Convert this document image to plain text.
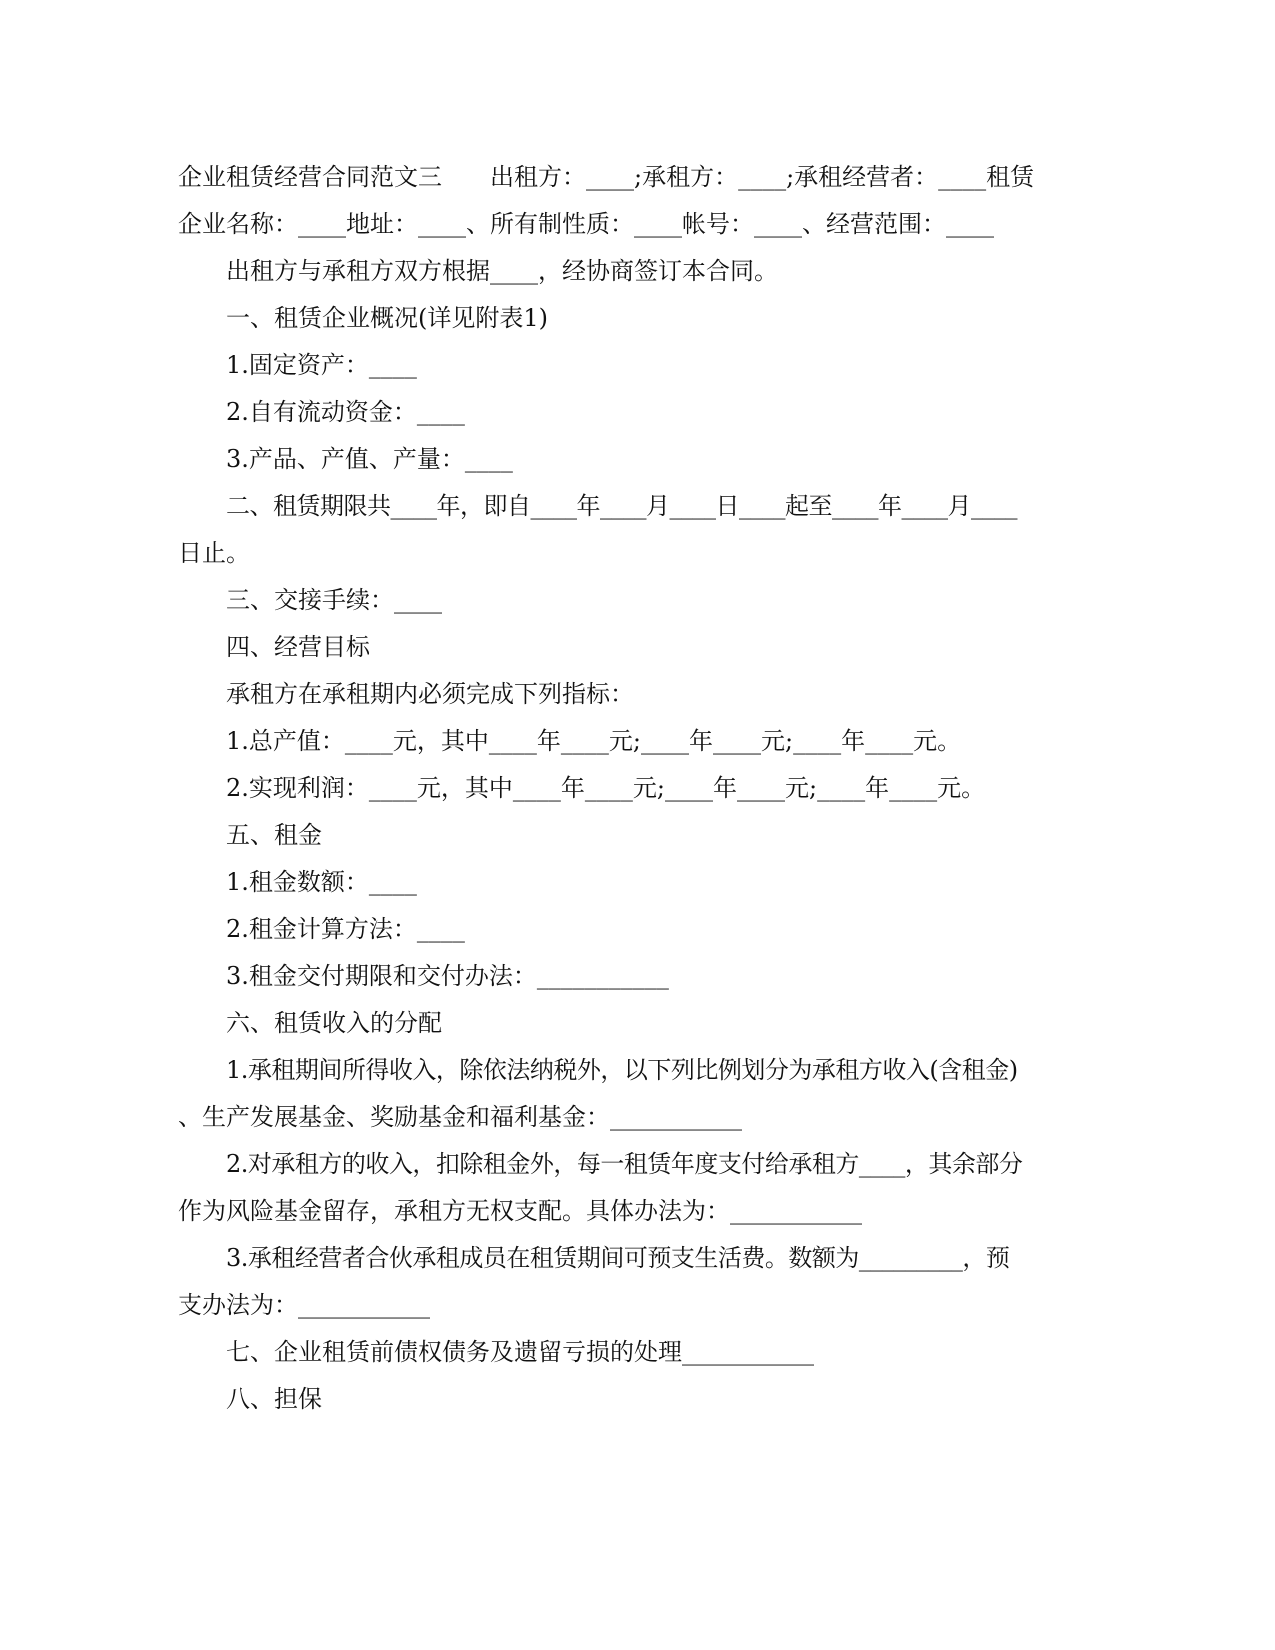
企业租赁经营合同范文三　　出租方：____;承租方：____;承租经营者：____租赁
企业名称：____地址：____、所有制性质：____帐号：____、经营范围：____
出租方与承租方双方根据____，经协商签订本合同。
一、租赁企业概况(详见附表1)
1.固定资产：____
2.自有流动资金：____
3.产品、产值、产量：____
二、租赁期限共____年，即自____年____月____日____起至____年____月____
日止。
三、交接手续：____
四、经营目标
承租方在承租期内必须完成下列指标：
1.总产值：____元，其中____年____元;____年____元;____年____元。
2.实现利润：____元，其中____年____元;____年____元;____年____元。
五、租金
1.租金数额：____
2.租金计算方法：____
3.租金交付期限和交付办法：___________
六、租赁收入的分配
1.承租期间所得收入，除依法纳税外，以下列比例划分为承租方收入(含租金)
、生产发展基金、奖励基金和福利基金：___________
2.对承租方的收入，扣除租金外，每一租赁年度支付给承租方____，其余部分
作为风险基金留存，承租方无权支配。具体办法为：___________
3.承租经营者合伙承租成员在租赁期间可预支生活费。数额为_________，预
支办法为：___________
七、企业租赁前债权债务及遗留亏损的处理___________
八、担保
